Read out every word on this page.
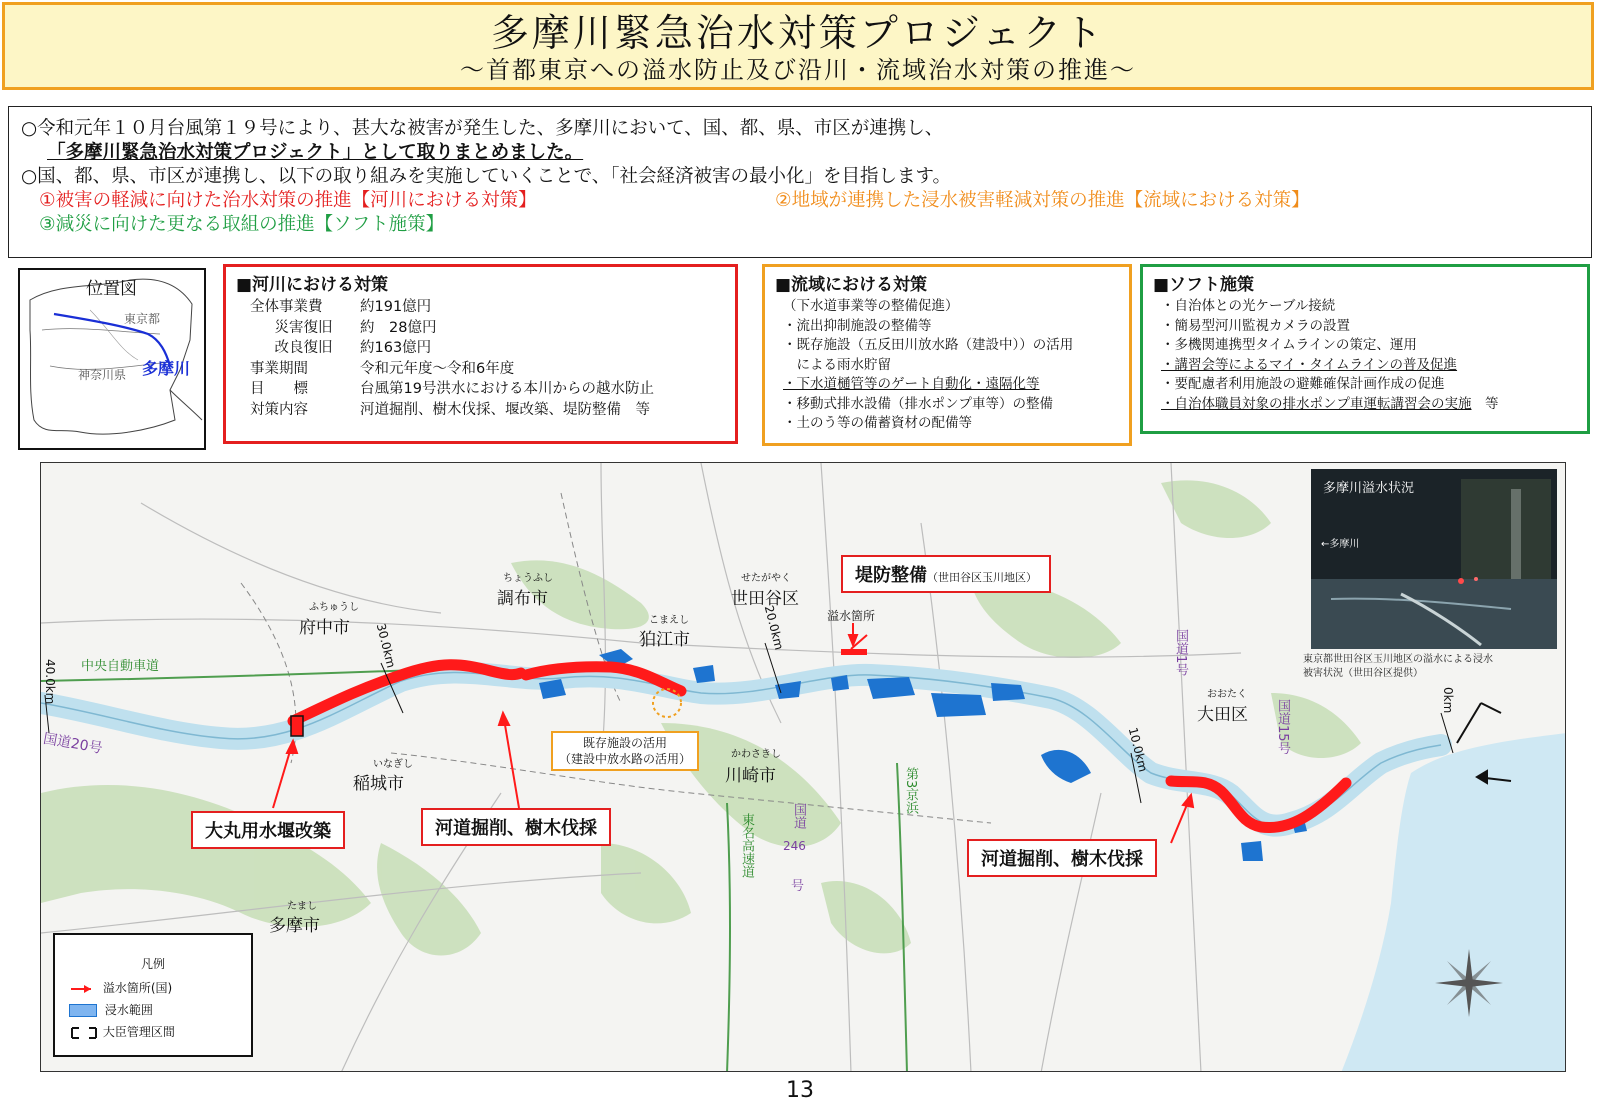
多摩川緊急治水対策プロジェクト
～首都東京への溢水防止及び沿川・流域治水対策の推進～
○令和元年１０月台風第１９号により、甚大な被害が発生した、多摩川において、国、都、県、市区が連携し、
「多摩川緊急治水対策プロジェクト」として取りまとめました。
○国、都、県、市区が連携し、以下の取り組みを実施していくことで、「社会経済被害の最小化」を目指します。
①被害の軽減に向けた治水対策の推進【河川における対策】	②地域が連携した浸水被害軽減対策の推進【流域における対策】
③減災に向けた更なる取組の推進【ソフト施策】
位置図
東京都
神奈川県 多摩川
■河川における対策
全体事業費	約191億円
　災害復旧	約　28億円
　改良復旧	約163億円
事業期間	令和元年度～令和6年度
目　　標	台風第19号洪水における本川からの越水防止
対策内容	河道掘削、樹木伐採、堰改築、堤防整備　等
■流域における対策
（下水道事業等の整備促進）
・流出抑制施設の整備等
・既存施設（五反田川放水路（建設中））の活用
　による雨水貯留
・下水道樋管等のゲート自動化・遠隔化等
・移動式排水設備（排水ポンプ車等）の整備
・土のう等の備蓄資材の配備等
■ソフト施策
・自治体との光ケーブル接続
・簡易型河川監視カメラの設置
・多機関連携型タイムラインの策定、運用
・講習会等によるマイ・タイムラインの普及促進
・要配慮者利用施設の避難確保計画作成の促進
・自治体職員対象の排水ポンプ車運転講習会の実施　 等
ふちゅうし
府中市
ちょうふし
調布市
こまえし
狛江市
せたがやく
世田谷区
いなぎし
稲城市
かわさきし
川崎市
たまし
多摩市
おおたく
大田区
中央自動車道
国道20号
東名高速道	国道
246
号
第3京浜
国道1号
国道15号
40.0km
30.0km	20.0km
10.0km
0km
溢水箇所
大丸用水堰改築	河道掘削、樹木伐採
河道掘削、樹木伐採
堤防整備（世田谷区玉川地区）
既存施設の活用
（建設中放水路の活用）
多摩川溢水状況
←多摩川
東京都世田谷区玉川地区の溢水による浸水
被害状況（世田谷区提供）
凡例
溢水箇所(国)
浸水範囲
大臣管理区間
13
